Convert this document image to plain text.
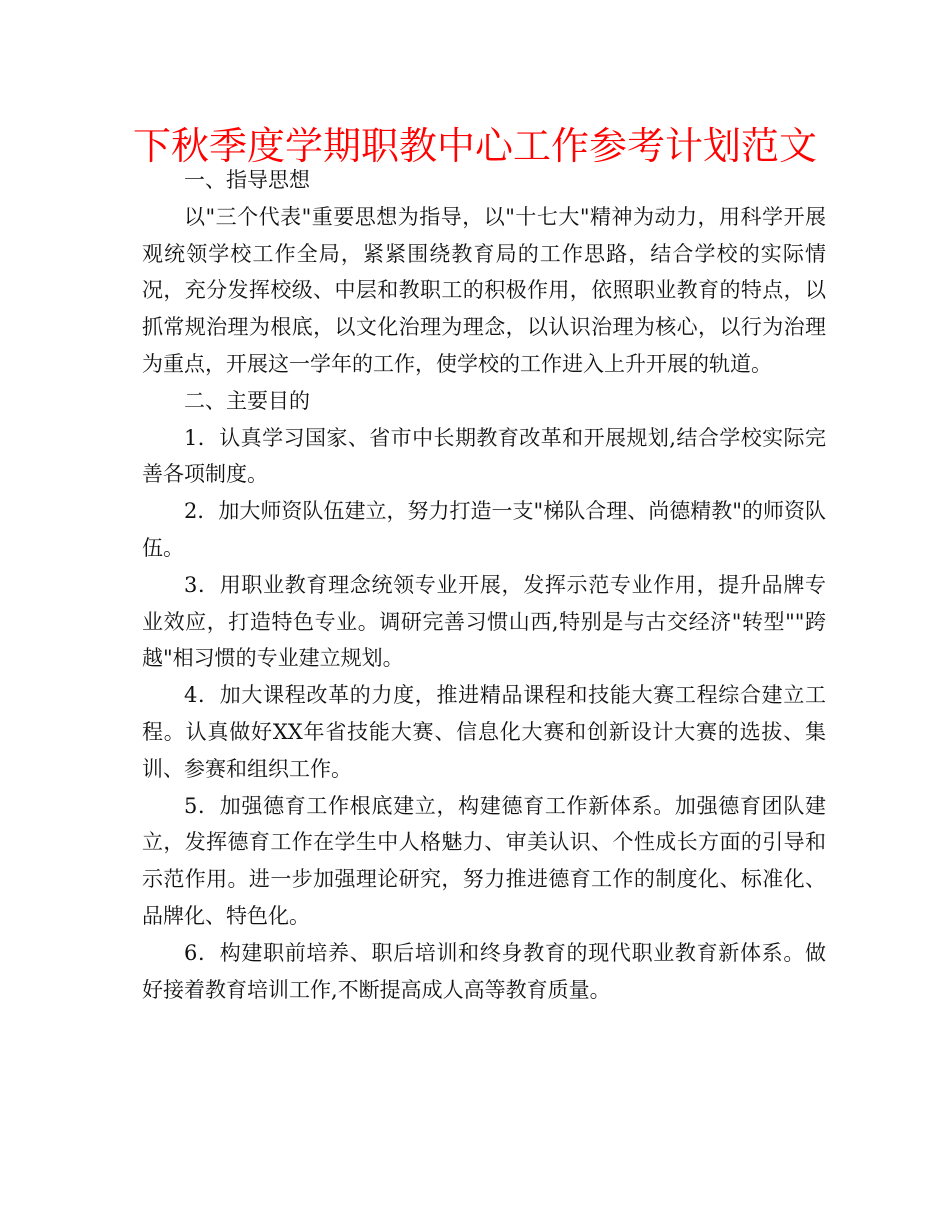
下秋季度学期职教中心工作参考计划范文

一、指导思想

以"三个代表"重要思想为指导，以"十七大"精神为动力，用科学开展观统领学校工作全局，紧紧围绕教育局的工作思路，结合学校的实际情况，充分发挥校级、中层和教职工的积极作用，依照职业教育的特点，以抓常规治理为根底，以文化治理为理念，以认识治理为核心，以行为治理为重点，开展这一学年的工作，使学校的工作进入上升开展的轨道。

二、主要目的

1．认真学习国家、省市中长期教育改革和开展规划,结合学校实际完善各项制度。

2．加大师资队伍建立，努力打造一支"梯队合理、尚德精教"的师资队伍。

3．用职业教育理念统领专业开展，发挥示范专业作用，提升品牌专业效应，打造特色专业。调研完善习惯山西,特别是与古交经济"转型""跨越"相习惯的专业建立规划。

4．加大课程改革的力度，推进精品课程和技能大赛工程综合建立工程。认真做好XX年省技能大赛、信息化大赛和创新设计大赛的选拔、集训、参赛和组织工作。

5．加强德育工作根底建立，构建德育工作新体系。加强德育团队建立，发挥德育工作在学生中人格魅力、审美认识、个性成长方面的引导和示范作用。进一步加强理论研究，努力推进德育工作的制度化、标准化、品牌化、特色化。

6．构建职前培养、职后培训和终身教育的现代职业教育新体系。做好接着教育培训工作,不断提高成人高等教育质量。
